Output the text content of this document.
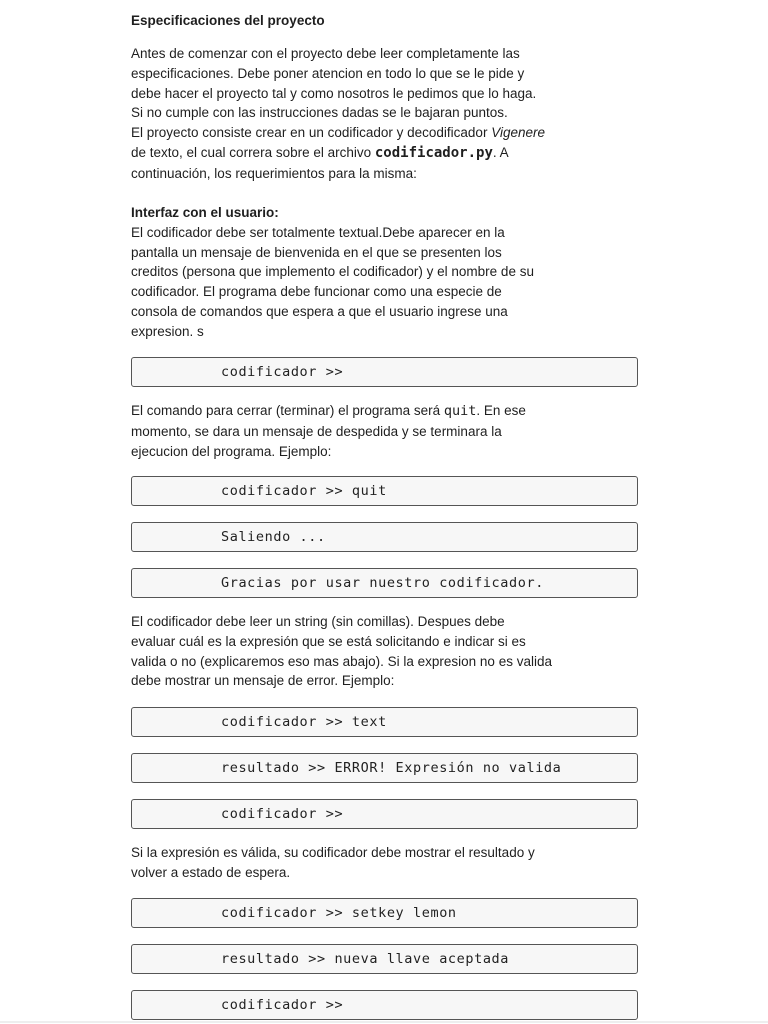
Especificaciones del proyecto
Antes de comenzar con el proyecto debe leer completamente las
especificaciones. Debe poner atencion en todo lo que se le pide y
debe hacer el proyecto tal y como nosotros le pedimos que lo haga.
Si no cumple con las instrucciones dadas se le bajaran puntos.
El proyecto consiste crear en un codificador y decodificador Vigenere
de texto, el cual correra sobre el archivo codificador.py. A
continuación, los requerimientos para la misma:
Interfaz con el usuario:
El codificador debe ser totalmente textual.Debe aparecer en la
pantalla un mensaje de bienvenida en el que se presenten los
creditos (persona que implemento el codificador) y el nombre de su
codificador. El programa debe funcionar como una especie de
consola de comandos que espera a que el usuario ingrese una
expresion. s
codificador >>
El comando para cerrar (terminar) el programa será quit. En ese
momento, se dara un mensaje de despedida y se terminara la
ejecucion del programa. Ejemplo:
codificador >> quit
Saliendo ...
Gracias por usar nuestro codificador.
El codificador debe leer un string (sin comillas). Despues debe
evaluar cuál es la expresión que se está solicitando e indicar si es
valida o no (explicaremos eso mas abajo). Si la expresion no es valida
debe mostrar un mensaje de error. Ejemplo:
codificador >> text
resultado >> ERROR! Expresión no valida
codificador >>
Si la expresión es válida, su codificador debe mostrar el resultado y
volver a estado de espera.
codificador >> setkey lemon
resultado >> nueva llave aceptada
codificador >>
